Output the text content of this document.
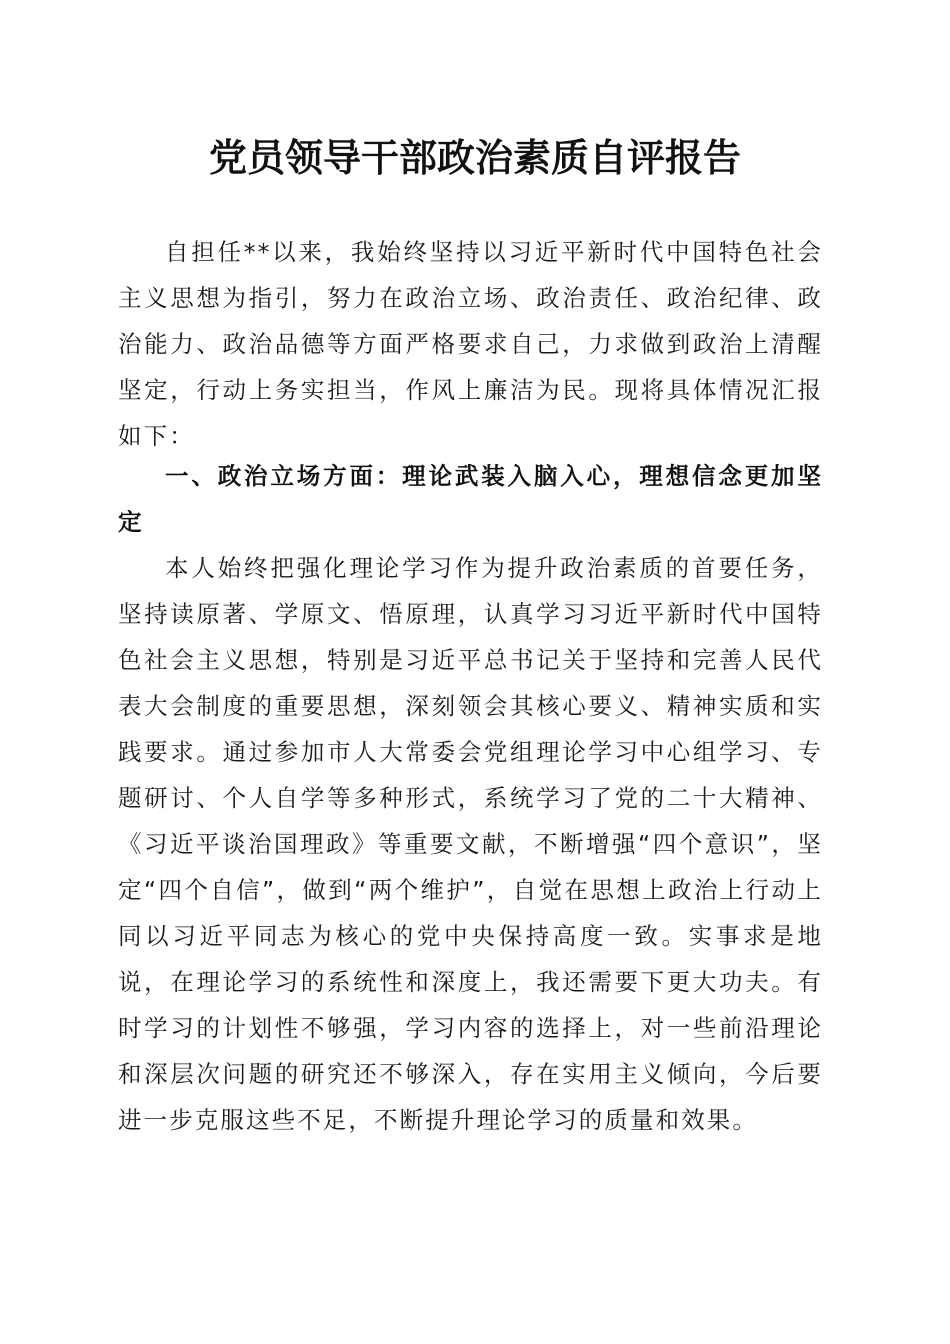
党员领导干部政治素质自评报告

自担任**以来，我始终坚持以习近平新时代中国特色社会主义思想为指引，努力在政治立场、政治责任、政治纪律、政治能力、政治品德等方面严格要求自己，力求做到政治上清醒坚定，行动上务实担当，作风上廉洁为民。现将具体情况汇报如下：

一、政治立场方面：理论武装入脑入心，理想信念更加坚定

本人始终把强化理论学习作为提升政治素质的首要任务，坚持读原著、学原文、悟原理，认真学习习近平新时代中国特色社会主义思想，特别是习近平总书记关于坚持和完善人民代表大会制度的重要思想，深刻领会其核心要义、精神实质和实践要求。通过参加市人大常委会党组理论学习中心组学习、专题研讨、个人自学等多种形式，系统学习了党的二十大精神、《习近平谈治国理政》等重要文献，不断增强“四个意识”，坚定“四个自信”，做到“两个维护”，自觉在思想上政治上行动上同以习近平同志为核心的党中央保持高度一致。实事求是地说，在理论学习的系统性和深度上，我还需要下更大功夫。有时学习的计划性不够强，学习内容的选择上，对一些前沿理论和深层次问题的研究还不够深入，存在实用主义倾向，今后要进一步克服这些不足，不断提升理论学习的质量和效果。
